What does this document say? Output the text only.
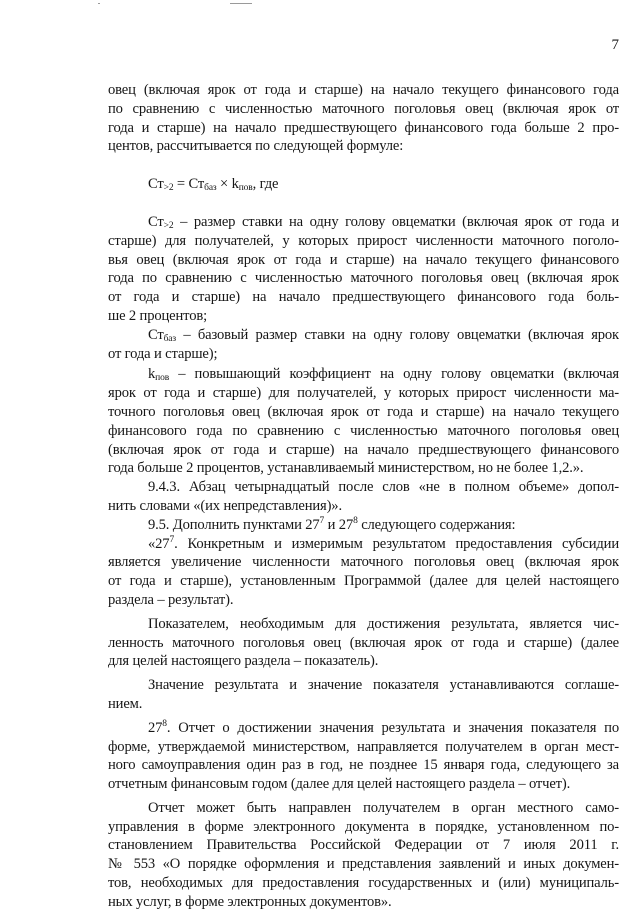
7

овец (включая ярок от года и старше) на начало текущего финансового года
по сравнению с численностью маточного поголовья овец (включая ярок от
года и старше) на начало предшествующего финансового года больше 2 про-
центов, рассчитывается по следующей формуле:

$Ст_{>2} = Ст_{баз} \times k_{пов}$, где

$Ст_{>2}$ – размер ставки на одну голову овцематки (включая ярок от года и
старше) для получателей, у которых прирост численности маточного поголо-
вья овец (включая ярок от года и старше) на начало текущего финансового
года по сравнению с численностью маточного поголовья овец (включая ярок
от года и старше) на начало предшествующего финансового года боль-
ше 2 процентов;

$Ст_{баз}$ – базовый размер ставки на одну голову овцематки (включая ярок
от года и старше);

$k_{пов}$ – повышающий коэффициент на одну голову овцематки (включая
ярок от года и старше) для получателей, у которых прирост численности ма-
точного поголовья овец (включая ярок от года и старше) на начало текущего
финансового года по сравнению с численностью маточного поголовья овец
(включая ярок от года и старше) на начало предшествующего финансового
года больше 2 процентов, устанавливаемый министерством, но не более 1,2.».

9.4.3. Абзац четырнадцатый после слов «не в полном объеме» допол-
нить словами «(их непредставления)».

9.5. Дополнить пунктами $27^7$ и $27^8$ следующего содержания:

«$27^7$. Конкретным и измеримым результатом предоставления субсидии
является увеличение численности маточного поголовья овец (включая ярок
от года и старше), установленным Программой (далее для целей настоящего
раздела – результат).

Показателем, необходимым для достижения результата, является чис-
ленность маточного поголовья овец (включая ярок от года и старше) (далее
для целей настоящего раздела – показатель).

Значение результата и значение показателя устанавливаются соглаше-
нием.

$27^8$. Отчет о достижении значения результата и значения показателя по
форме, утверждаемой министерством, направляется получателем в орган мест-
ного самоуправления один раз в год, не позднее 15 января года, следующего за
отчетным финансовым годом (далее для целей настоящего раздела – отчет).

Отчет может быть направлен получателем в орган местного само-
управления в форме электронного документа в порядке, установленном по-
становлением Правительства Российской Федерации от 7 июля 2011 г.
№ 553 «О порядке оформления и представления заявлений и иных докумен-
тов, необходимых для предоставления государственных и (или) муниципаль-
ных услуг, в форме электронных документов».
